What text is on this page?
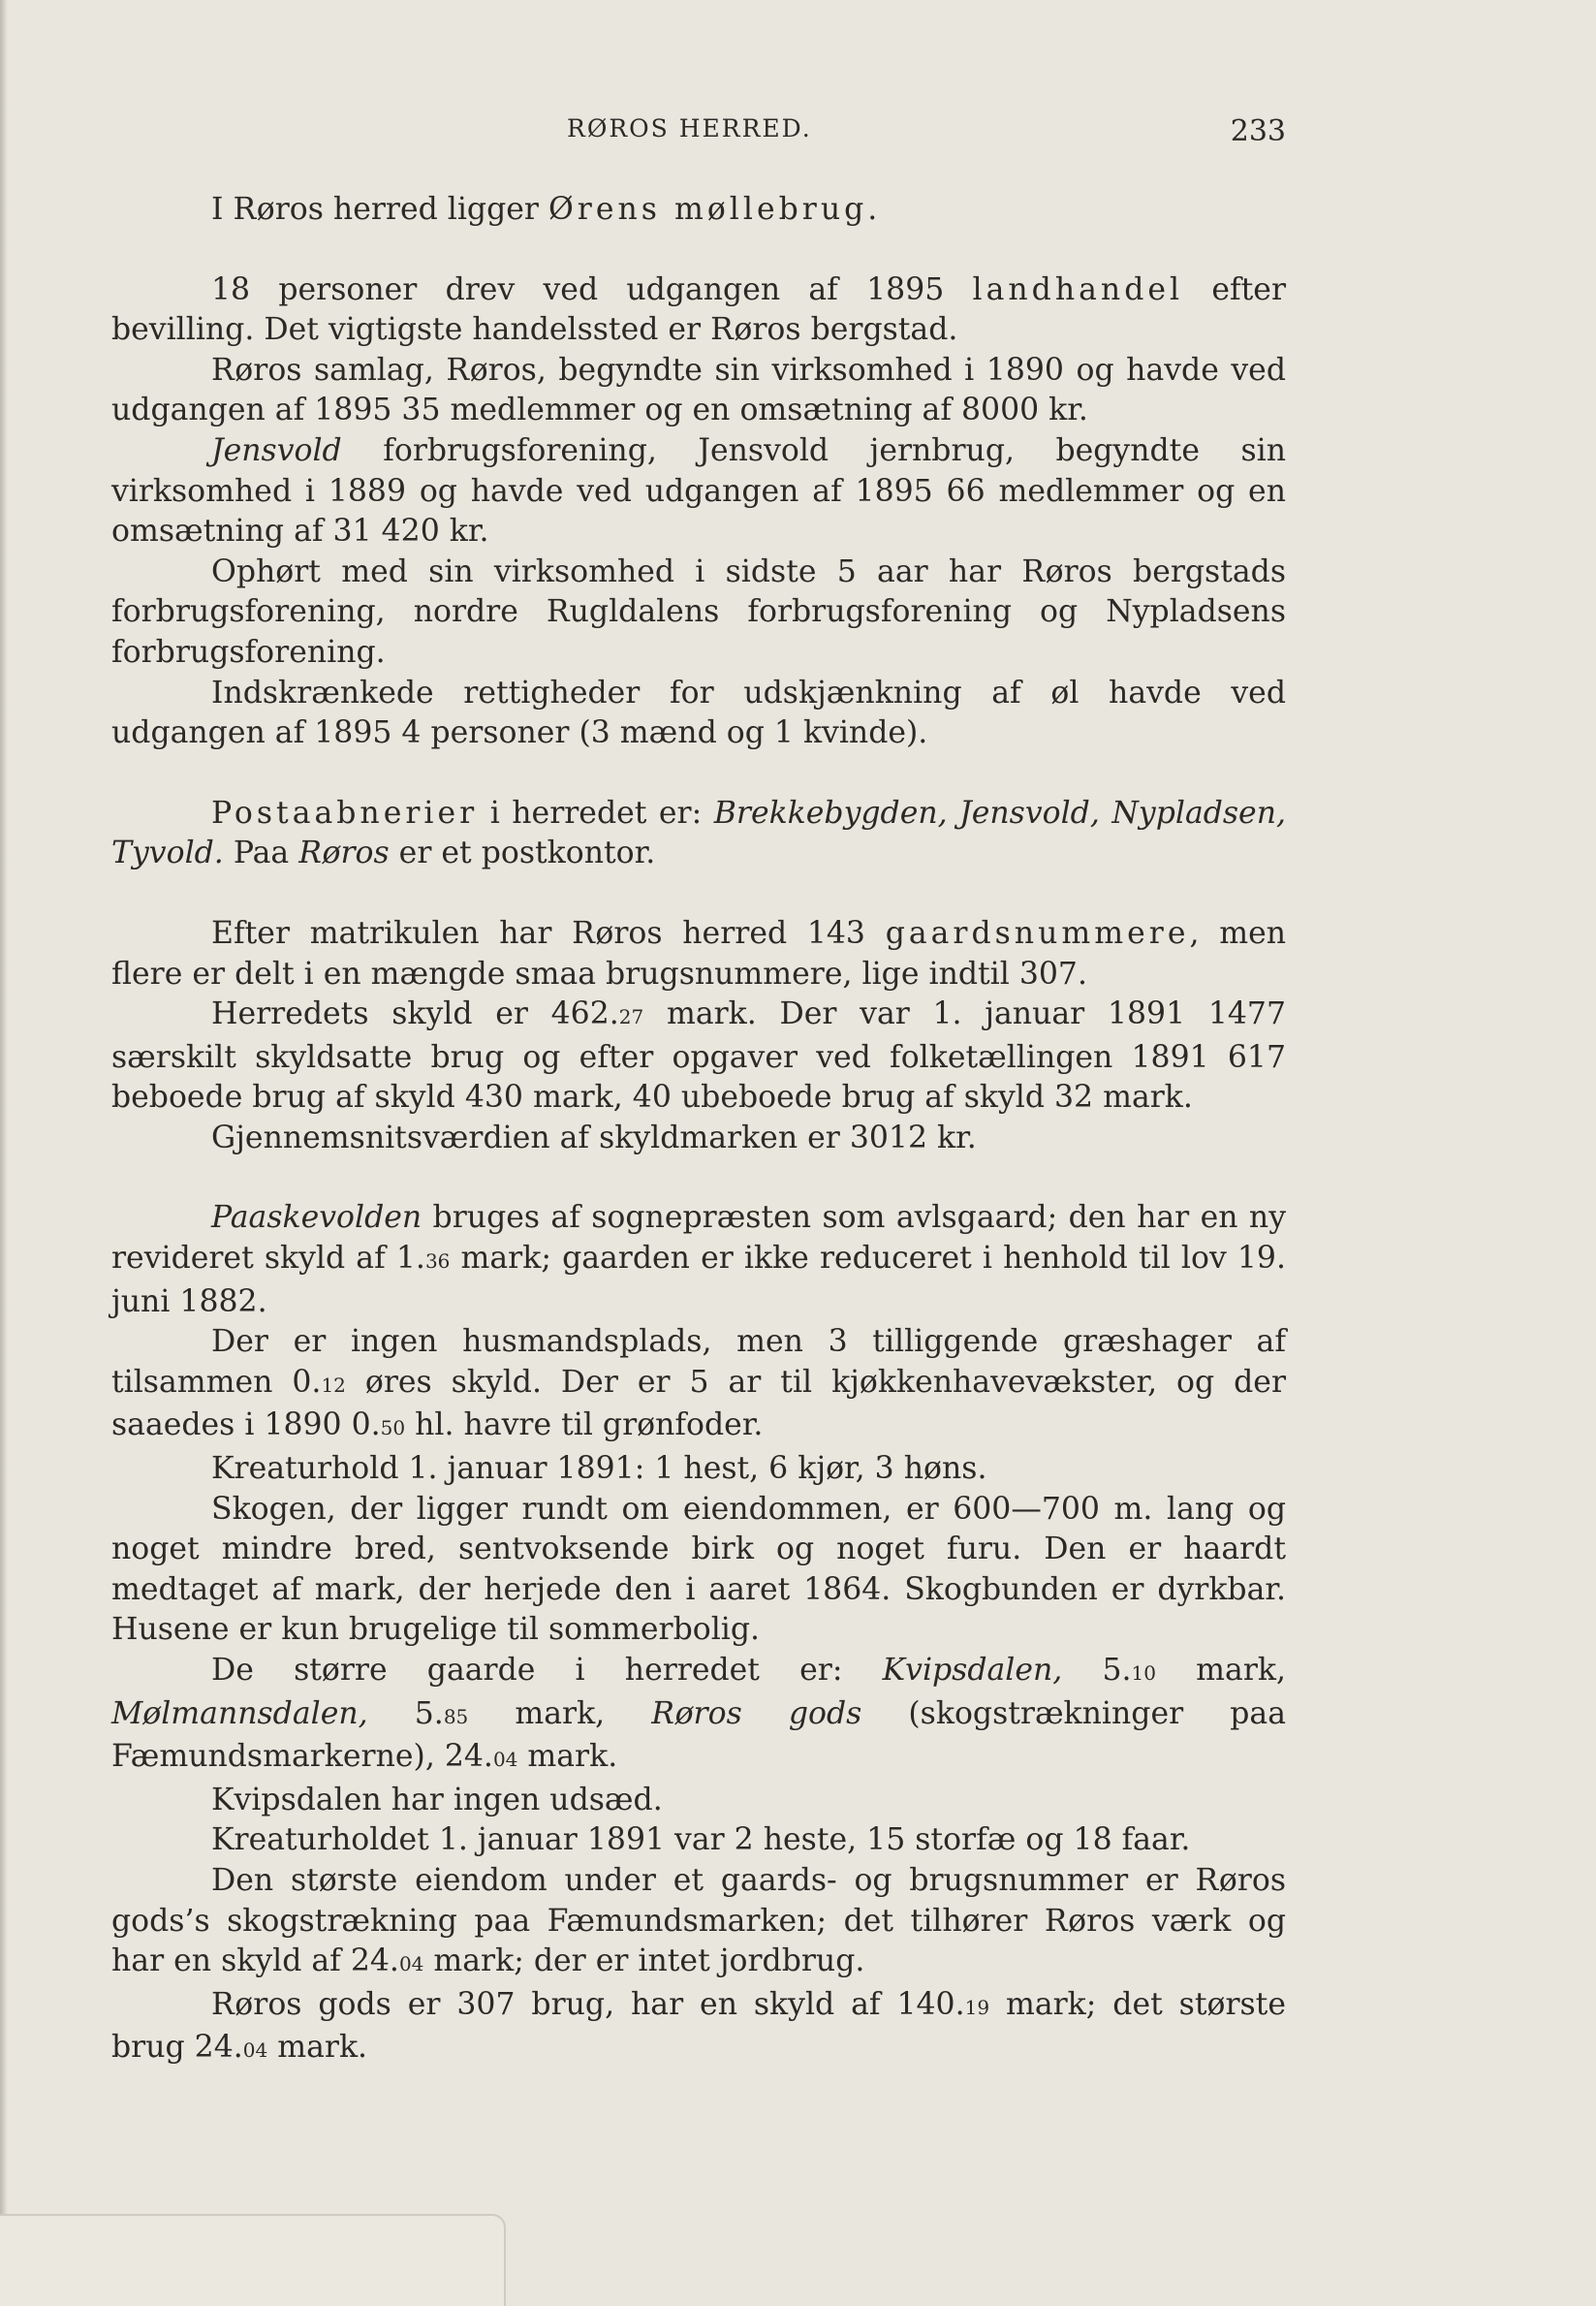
RØROS HERRED.	233

I Røros herred ligger Ørens møllebrug.

18 personer drev ved udgangen af 1895 landhandel efter bevilling. Det vigtigste handelssted er Røros bergstad.

Røros samlag, Røros, begyndte sin virksomhed i 1890 og havde ved udgangen af 1895 35 medlemmer og en omsætning af 8000 kr.

Jensvold forbrugsforening, Jensvold jernbrug, begyndte sin virksomhed i 1889 og havde ved udgangen af 1895 66 medlemmer og en omsætning af 31 420 kr.

Ophørt med sin virksomhed i sidste 5 aar har Røros bergstads forbrugsforening, nordre Rugldalens forbrugsforening og Nypladsens forbrugsforening.

Indskrænkede rettigheder for udskjænkning af øl havde ved udgangen af 1895 4 personer (3 mænd og 1 kvinde).

Postaabnerier i herredet er: Brekkebygden, Jensvold, Nypladsen, Tyvold. Paa Røros er et postkontor.

Efter matrikulen har Røros herred 143 gaardsnummere, men flere er delt i en mængde smaa brugsnummere, lige indtil 307.

Herredets skyld er 462.27 mark. Der var 1. januar 1891 1477 særskilt skyldsatte brug og efter opgaver ved folketællingen 1891 617 beboede brug af skyld 430 mark, 40 ubeboede brug af skyld 32 mark.

Gjennemsnitsværdien af skyldmarken er 3012 kr.

Paaskevolden bruges af sognepræsten som avlsgaard; den har en ny revideret skyld af 1.36 mark; gaarden er ikke reduceret i henhold til lov 19. juni 1882.

Der er ingen husmandsplads, men 3 tilliggende græshager af tilsammen 0.12 øres skyld. Der er 5 ar til kjøkkenhavevækster, og der saaedes i 1890 0.50 hl. havre til grønfoder.

Kreaturhold 1. januar 1891: 1 hest, 6 kjør, 3 høns.

Skogen, der ligger rundt om eiendommen, er 600—700 m. lang og noget mindre bred, sentvoksende birk og noget furu. Den er haardt medtaget af mark, der herjede den i aaret 1864. Skogbunden er dyrkbar. Husene er kun brugelige til sommerbolig.

De større gaarde i herredet er: Kvipsdalen, 5.10 mark, Mølmannsdalen, 5.85 mark, Røros gods (skogstrækninger paa Fæmundsmarkerne), 24.04 mark.

Kvipsdalen har ingen udsæd.

Kreaturholdet 1. januar 1891 var 2 heste, 15 storfæ og 18 faar.

Den største eiendom under et gaards- og brugsnummer er Røros gods’s skogstrækning paa Fæmundsmarken; det tilhører Røros værk og har en skyld af 24.04 mark; der er intet jordbrug.

Røros gods er 307 brug, har en skyld af 140.19 mark; det største brug 24.04 mark.
